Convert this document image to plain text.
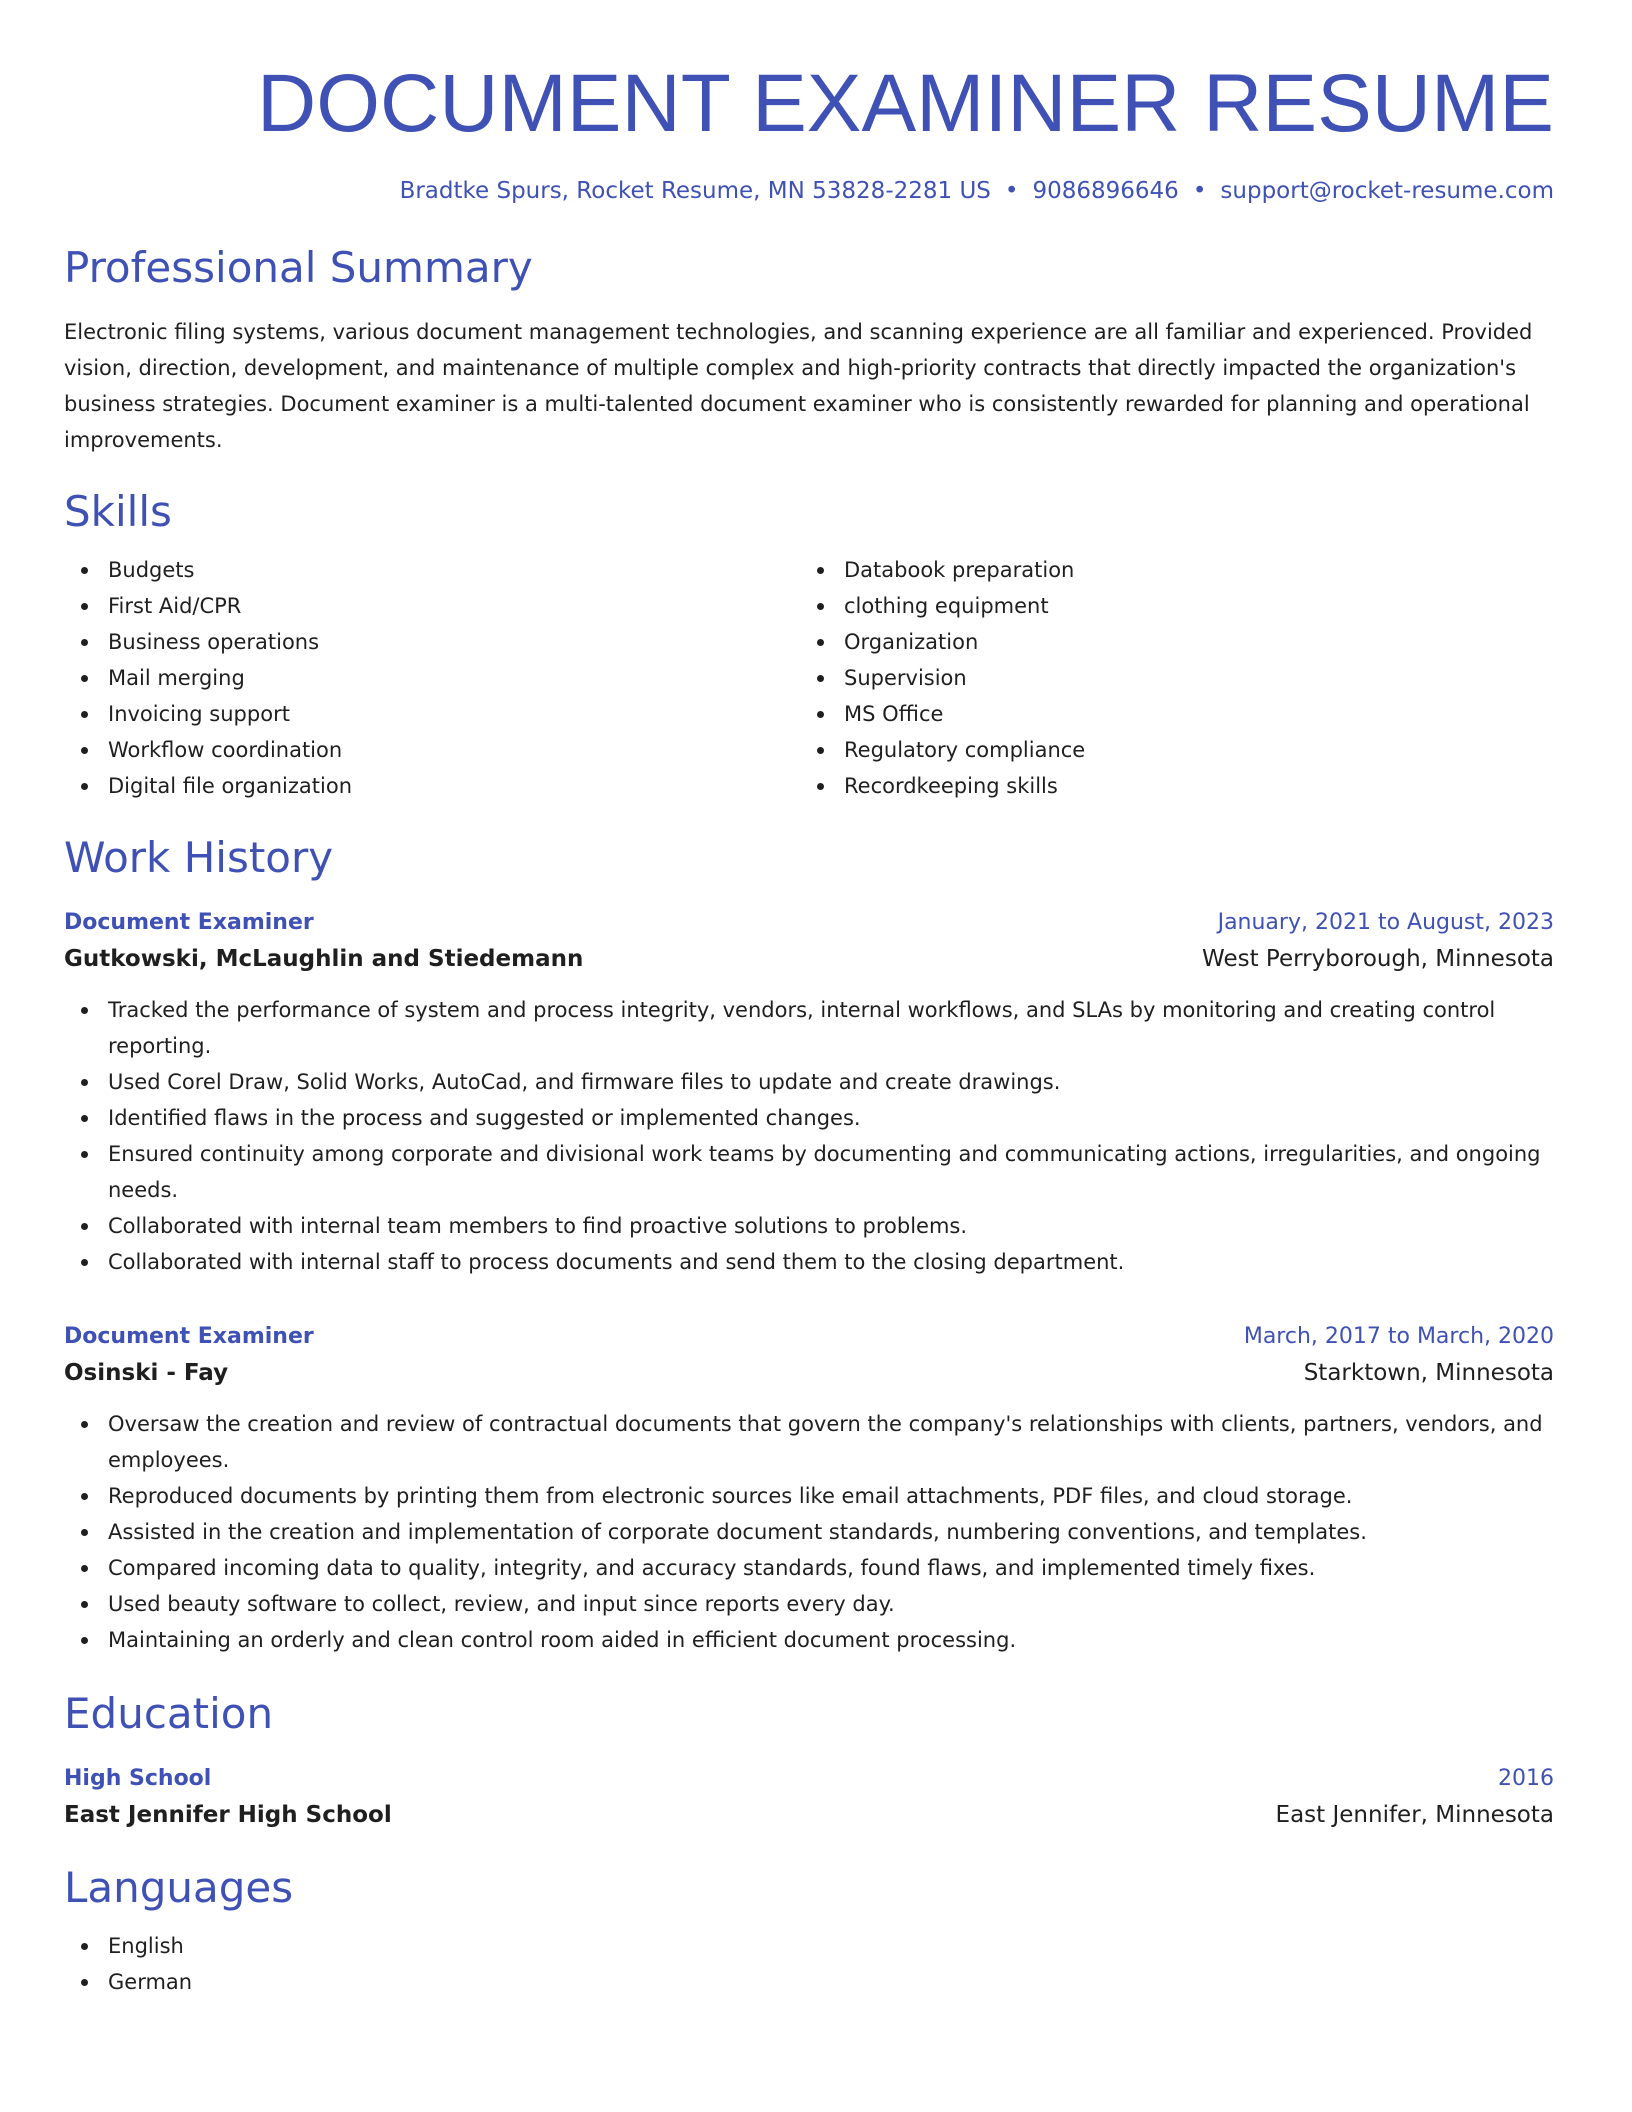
DOCUMENT EXAMINER RESUME
Bradtke Spurs, Rocket Resume, MN 53828-2281 US • 9086896646 • support@rocket-resume.com
Professional Summary
Electronic filing systems, various document management technologies, and scanning experience are all familiar and experienced. Provided vision, direction, development, and maintenance of multiple complex and high-priority contracts that directly impacted the organization's business strategies. Document examiner is a multi-talented document examiner who is consistently rewarded for planning and operational improvements.
Skills
Budgets
First Aid/CPR
Business operations
Mail merging
Invoicing support
Workflow coordination
Digital file organization
Databook preparation
clothing equipment
Organization
Supervision
MS Office
Regulatory compliance
Recordkeeping skills
Work History
Document Examiner	January, 2021 to August, 2023
Gutkowski, McLaughlin and Stiedemann	West Perryborough, Minnesota
Tracked the performance of system and process integrity, vendors, internal workflows, and SLAs by monitoring and creating control reporting.
Used Corel Draw, Solid Works, AutoCad, and firmware files to update and create drawings.
Identified flaws in the process and suggested or implemented changes.
Ensured continuity among corporate and divisional work teams by documenting and communicating actions, irregularities, and ongoing needs.
Collaborated with internal team members to find proactive solutions to problems.
Collaborated with internal staff to process documents and send them to the closing department.
Document Examiner	March, 2017 to March, 2020
Osinski - Fay	Starktown, Minnesota
Oversaw the creation and review of contractual documents that govern the company's relationships with clients, partners, vendors, and employees.
Reproduced documents by printing them from electronic sources like email attachments, PDF files, and cloud storage.
Assisted in the creation and implementation of corporate document standards, numbering conventions, and templates.
Compared incoming data to quality, integrity, and accuracy standards, found flaws, and implemented timely fixes.
Used beauty software to collect, review, and input since reports every day.
Maintaining an orderly and clean control room aided in efficient document processing.
Education
High School	2016
East Jennifer High School	East Jennifer, Minnesota
Languages
English
German
